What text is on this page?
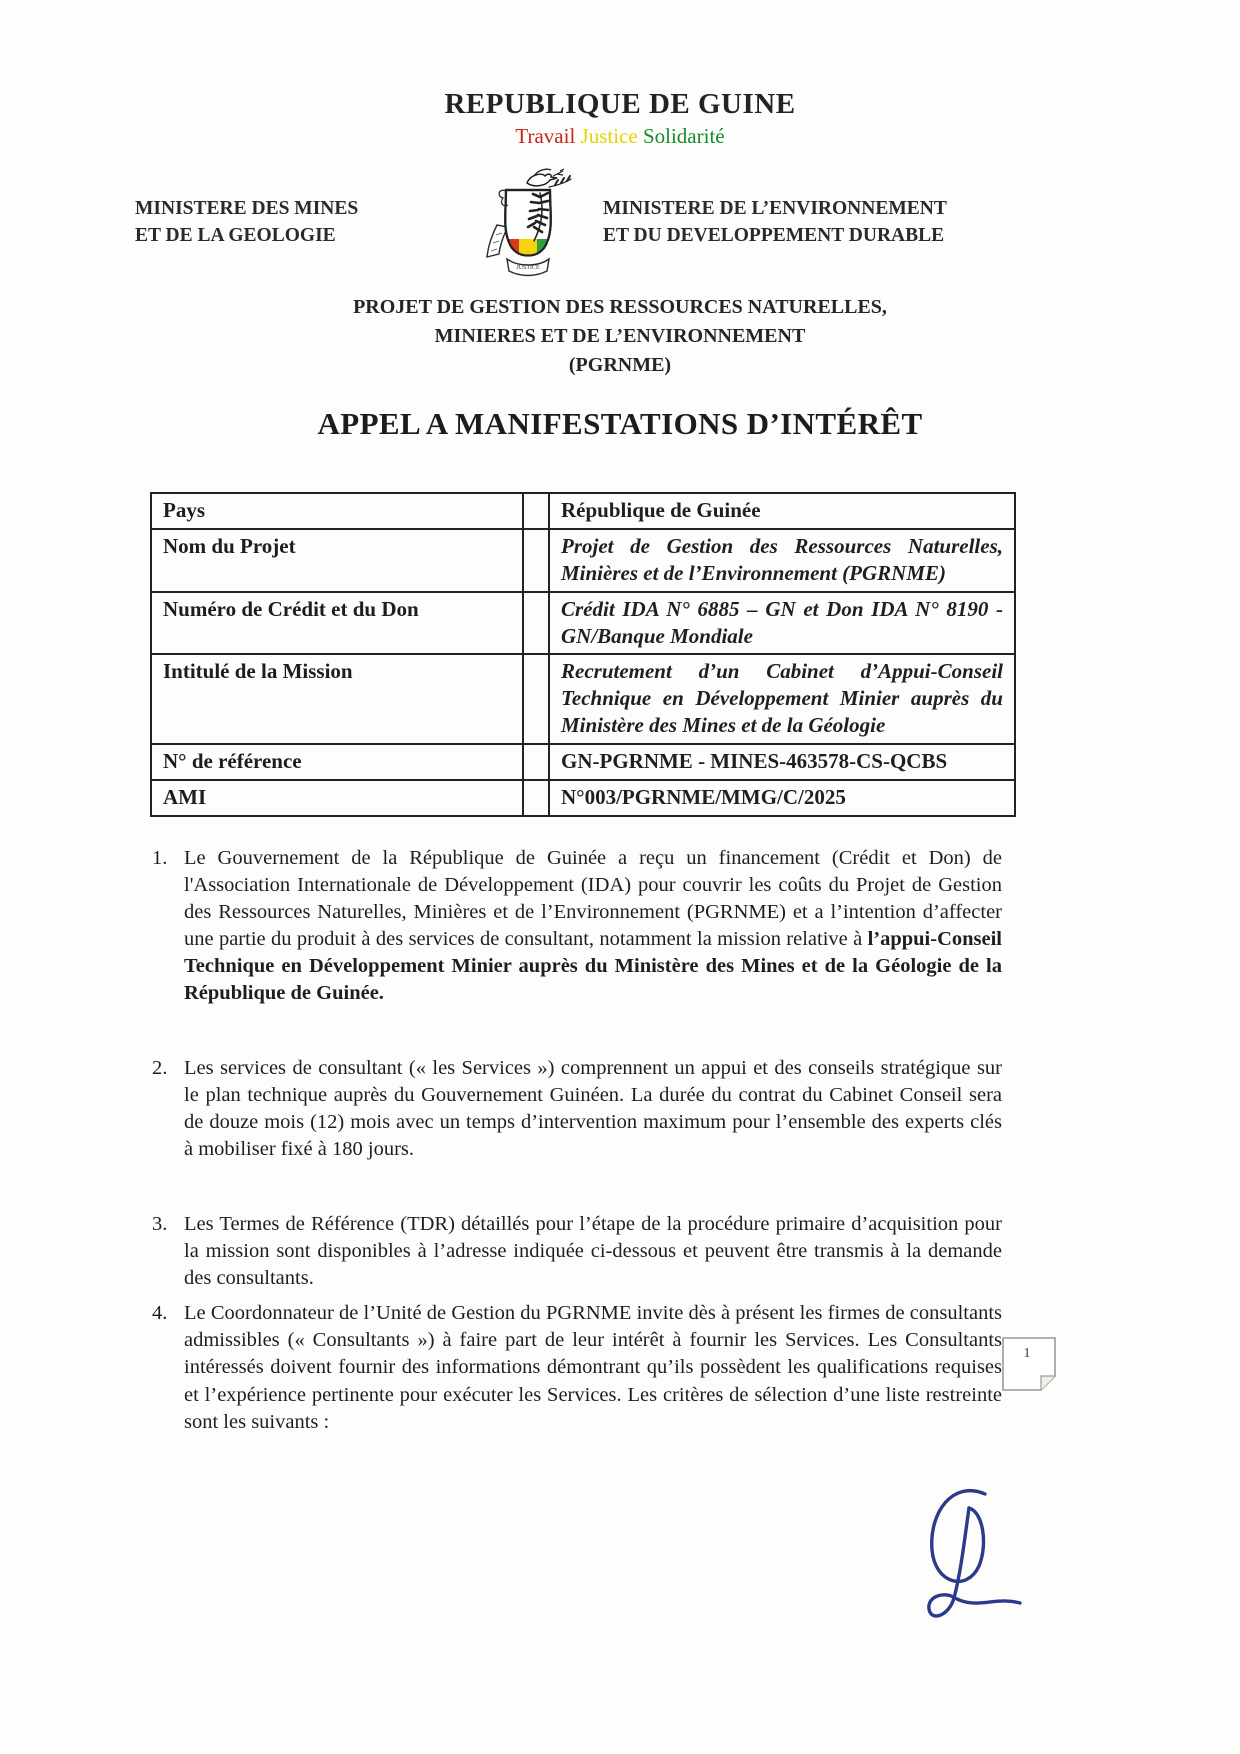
REPUBLIQUE DE GUINE
Travail Justice Solidarité
MINISTERE DES MINES
ET DE LA GEOLOGIE
JUSTICE
MINISTERE DE L’ENVIRONNEMENT
ET DU DEVELOPPEMENT DURABLE
PROJET DE GESTION DES RESSOURCES NATURELLES,
MINIERES ET DE L’ENVIRONNEMENT
(PGRNME)
APPEL A MANIFESTATIONS D’INTÉRÊT
Pays		République de Guinée
Nom du Projet		Projet de Gestion des Ressources Naturelles, Minières et de l’Environnement (PGRNME)
Numéro de Crédit et du Don		Crédit IDA N° 6885 – GN et Don IDA N° 8190 - GN/Banque Mondiale
Intitulé de la Mission		Recrutement d’un Cabinet d’Appui-Conseil Technique en Développement Minier auprès du Ministère des Mines et de la Géologie
N° de référence		GN-PGRNME - MINES-463578-CS-QCBS
AMI		N°003/PGRNME/MMG/C/2025
1. Le Gouvernement de la République de Guinée a reçu un financement (Crédit et Don) de l'Association Internationale de Développement (IDA) pour couvrir les coûts du Projet de Gestion des Ressources Naturelles, Minières et de l’Environnement (PGRNME) et a l’intention d’affecter une partie du produit à des services de consultant, notamment la mission relative à l’appui-Conseil Technique en Développement Minier auprès du Ministère des Mines et de la Géologie de la République de Guinée.
2. Les services de consultant (« les Services ») comprennent un appui et des conseils stratégique sur le plan technique auprès du Gouvernement Guinéen. La durée du contrat du Cabinet Conseil sera de douze mois (12) mois avec un temps d’intervention maximum pour l’ensemble des experts clés à mobiliser fixé à 180 jours.
3. Les Termes de Référence (TDR) détaillés pour l’étape de la procédure primaire d’acquisition pour la mission sont disponibles à l’adresse indiquée ci-dessous et peuvent être transmis à la demande des consultants.
4. Le Coordonnateur de l’Unité de Gestion du PGRNME invite dès à présent les firmes de consultants admissibles (« Consultants ») à faire part de leur intérêt à fournir les Services. Les Consultants intéressés doivent fournir des informations démontrant qu’ils possèdent les qualifications requises et l’expérience pertinente pour exécuter les Services. Les critères de sélection d’une liste restreinte sont les suivants :
1
